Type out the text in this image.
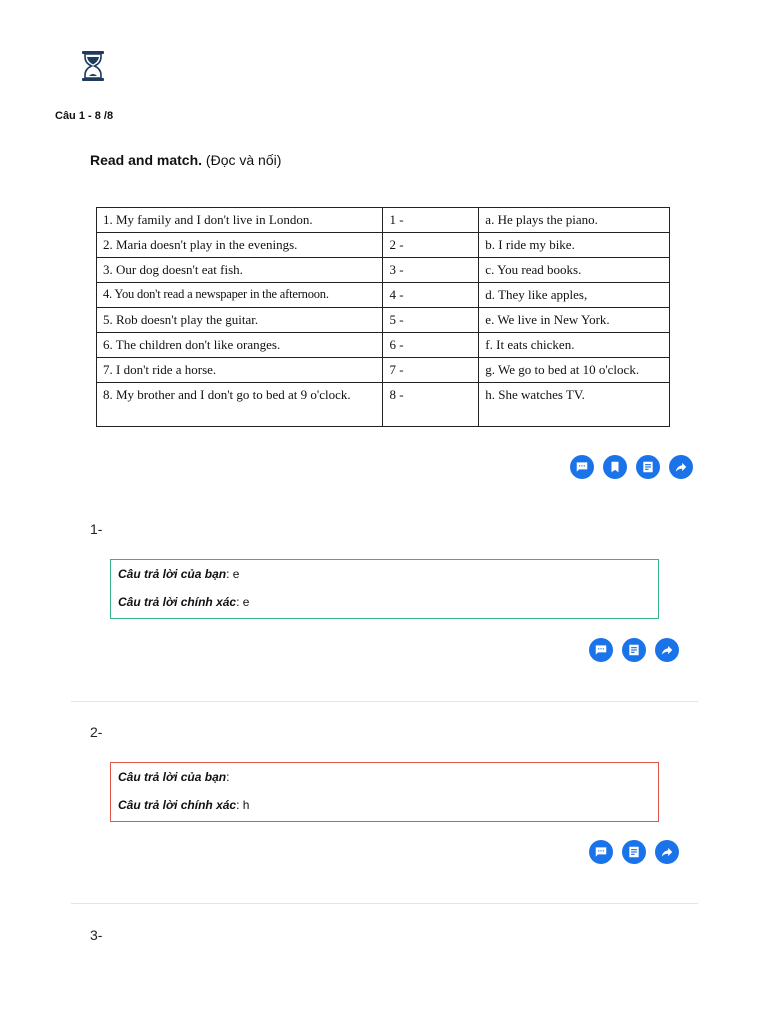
Câu 1 - 8 /8
Read and match. (Đọc và nối)
1. My family and I don't live in London.	1 -	a. He plays the piano.
2. Maria doesn't play in the evenings.	2 -	b. I ride my bike.
3. Our dog doesn't eat fish.	3 -	c. You read books.
4. You don't read a newspaper in the afternoon.	4 -	d. They like apples,
5. Rob doesn't play the guitar.	5 -	e. We live in New York.
6. The children don't like oranges.	6 -	f. It eats chicken.
7. I don't ride a horse.	7 -	g. We go to bed at 10 o'clock.
8. My brother and I don't go to bed at 9 o'clock.	8 -	h. She watches TV.
1-
Câu trả lời của bạn: e
Câu trả lời chính xác: e
2-
Câu trả lời của bạn:
Câu trả lời chính xác: h
3-
